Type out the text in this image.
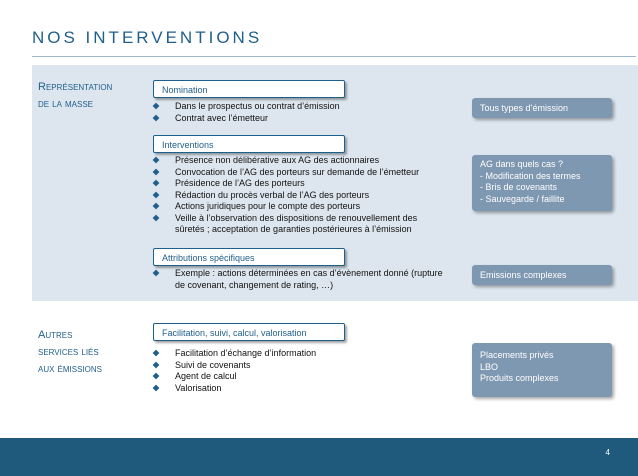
NOS INTERVENTIONS
Représentation
de la masse
Nomination
Dans le prospectus ou contrat d’émission
Contrat avec l’émetteur
Interventions
Présence non délibérative aux AG des actionnaires
Convocation de l’AG des porteurs sur demande de l’émetteur
Présidence de l’AG des porteurs
Rédaction du procès verbal de l’AG des porteurs
Actions juridiques pour le compte des porteurs
Veille à l’observation des dispositions de renouvellement des sûretés ; acceptation de garanties postérieures à l’émission
Attributions spécifiques
Exemple : actions déterminées en cas d’évènement donné (rupture de covenant, changement de rating, …)
Autres
services liés
aux émissions
Facilitation, suivi, calcul, valorisation
Facilitation d’échange d’information
Suivi de covenants
Agent de calcul
Valorisation
Tous types d’émission
AG dans quels cas ?
- Modification des termes
- Bris de covenants
- Sauvegarde / faillite
Emissions complexes
Placements privés
LBO
Produits complexes
4
